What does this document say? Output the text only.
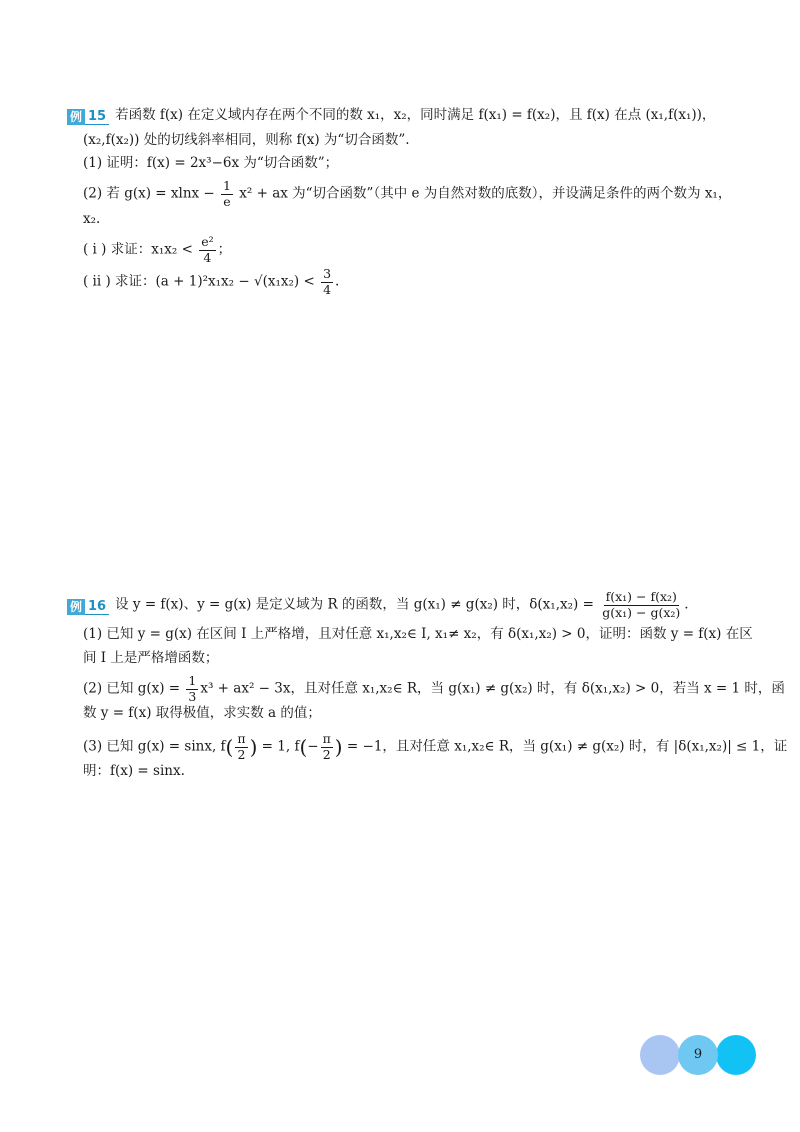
例 15 若函数 f(x) 在定义域内存在两个不同的数 x₁，x₂，同时满足 f(x₁) = f(x₂)，且 f(x) 在点 (x₁,f(x₁))，
(x₂,f(x₂)) 处的切线斜率相同，则称 f(x) 为“切合函数”.
(1) 证明：f(x) = 2x³−6x 为“切合函数”；
(2) 若 $g(x) = xlnx - \frac{1}{e} x^2$ + ax 为“切合函数”（其中 e 为自然对数的底数），并设满足条件的两个数为 x₁，
x₂.
( i ) 求证：$x_1x_2 < \frac{\text{e²}}{4}$ ；
( ii ) 求证：$(a + 1)^2x_1x_2 - √(x_1x_2) < \frac{3}{4}$ .
例 16 设 y = f(x)、y = g(x) 是定义域为 R 的函数，当 g(x₁) ≠ g(x₂) 时，$\delta(x_1,x_2) = \frac{\text{f(x₁) − f(x₂)}}{\text{g(x₁) − g(x₂)}}$ .
(1) 已知 y = g(x) 在区间 I 上严格增，且对任意 x₁,x₂∈ I, x₁≠ x₂，有 δ(x₁,x₂) > 0，证明：函数 y = f(x) 在区
间 I 上是严格增函数；
(2) 已知 $g(x) = \frac{1}{3} x^3 + ax^2 - 3x$，且对任意 x₁,x₂∈ R，当 g(x₁) ≠ g(x₂) 时，有 δ(x₁,x₂) > 0，若当 x = 1 时，函
数 y = f(x) 取得极值，求实数 a 的值；
(3) 已知 g(x) = sinx, $f( \frac{\pi}{2}$ ) = 1, $f(- \frac{\pi}{2}$ ) = −1，且对任意 x₁,x₂∈ R，当 g(x₁) ≠ g(x₂) 时，有 |δ(x₁,x₂)| ≤ 1，证
明：f(x) = sinx.
9
